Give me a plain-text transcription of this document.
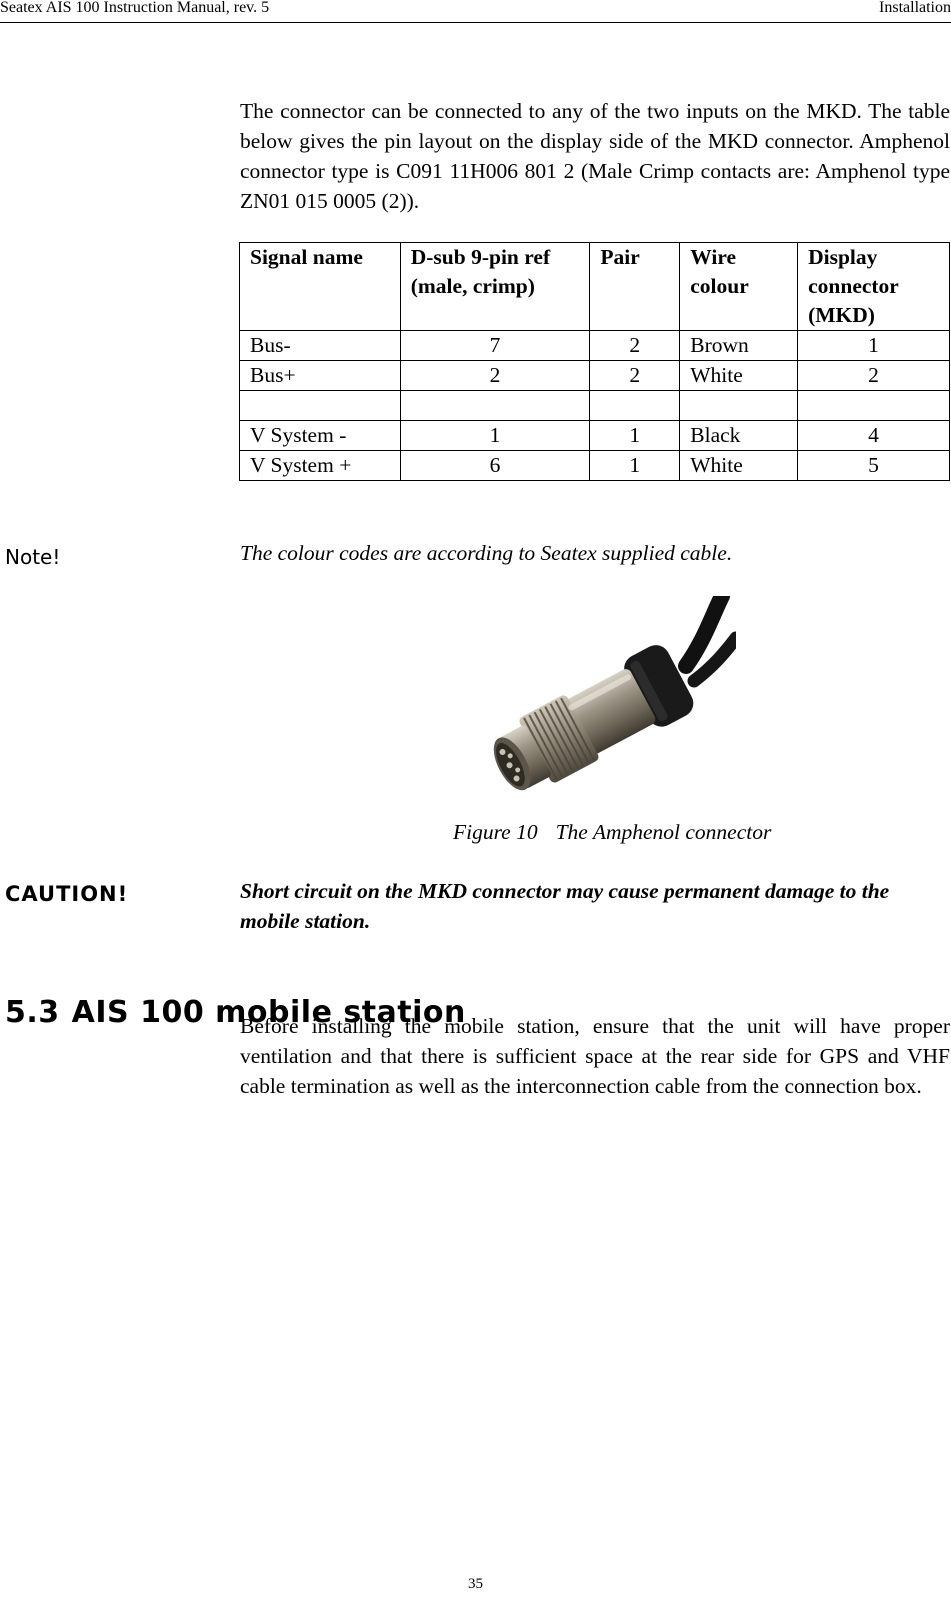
Seatex AIS 100 Instruction Manual, rev. 5	Installation

The connector can be connected to any of the two inputs on the MKD. The table below gives the pin layout on the display side of the MKD connector. Amphenol connector type is C091 11H006 801 2 (Male Crimp contacts are: Amphenol type ZN01 015 0005 (2)).

Signal name	D-sub 9-pin ref (male, crimp)	Pair	Wire colour	Display connector (MKD)
Bus-	7	2	Brown	1
Bus+	2	2	White	2

V System -	1	1	Black	4
V System +	6	1	White	5
Note!	The colour codes are according to Seatex supplied cable.
Figure 10 The Amphenol connector
CAUTION!	Short circuit on the MKD connector may cause permanent damage to the mobile station.
5.3 AIS 100 mobile station

Before installing the mobile station, ensure that the unit will have proper ventilation and that there is sufficient space at the rear side for GPS and VHF cable termination as well as the interconnection cable from the connection box.

35
